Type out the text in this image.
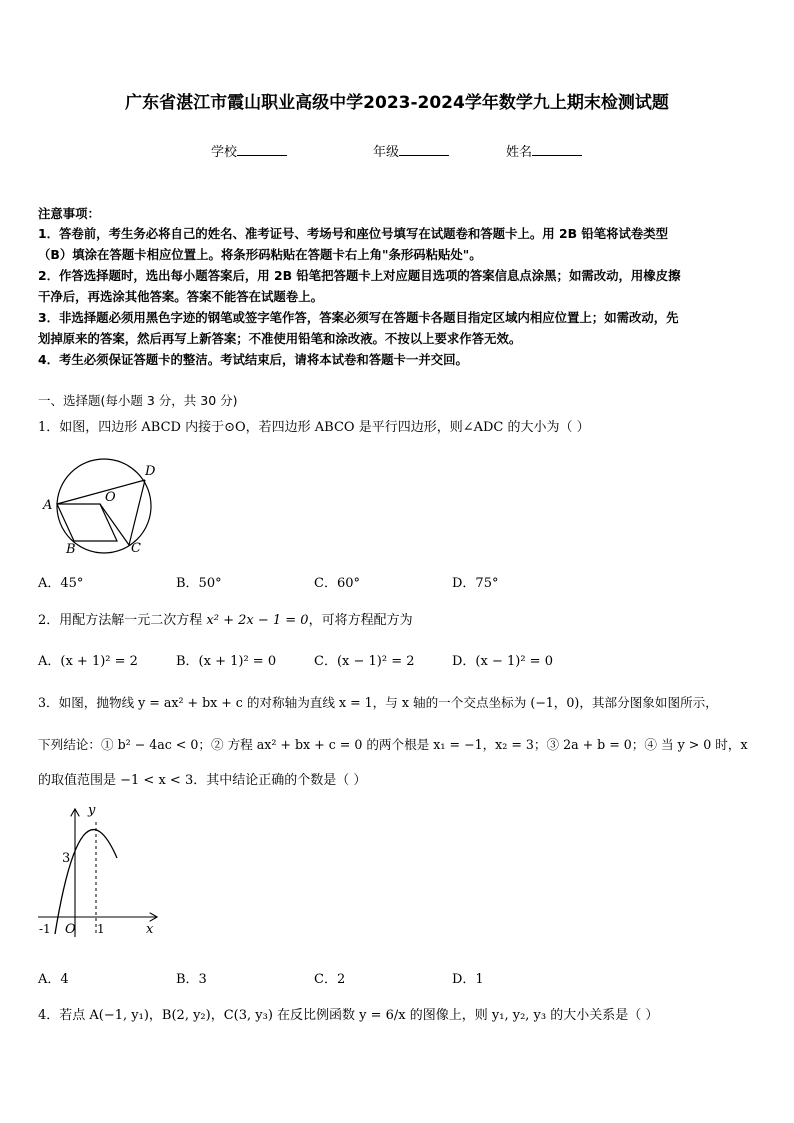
广东省湛江市霞山职业高级中学2023-2024学年数学九上期末检测试题
学校	年级	姓名
注意事项：
1．答卷前，考生务必将自己的姓名、准考证号、考场号和座位号填写在试题卷和答题卡上。用 2B 铅笔将试卷类型
（B）填涂在答题卡相应位置上。将条形码粘贴在答题卡右上角"条形码粘贴处"。
2．作答选择题时，选出每小题答案后，用 2B 铅笔把答题卡上对应题目选项的答案信息点涂黑；如需改动，用橡皮擦
干净后，再选涂其他答案。答案不能答在试题卷上。
3．非选择题必须用黑色字迹的钢笔或签字笔作答，答案必须写在答题卡各题目指定区域内相应位置上；如需改动，先
划掉原来的答案，然后再写上新答案；不准使用铅笔和涂改液。不按以上要求作答无效。
4．考生必须保证答题卡的整洁。考试结束后，请将本试卷和答题卡一并交回。
一、选择题(每小题 3 分，共 30 分)
1．如图，四边形 ABCD 内接于⊙O，若四边形 ABCO 是平行四边形，则∠ADC 的大小为（ ）
A
B	C
D
O
A．45°	B．50°	C．60°	D．75°
2．用配方法解一元二次方程 x² + 2x − 1 = 0，可将方程配方为
A．(x + 1)² = 2	B．(x + 1)² = 0	C．(x − 1)² = 2	D．(x − 1)² = 0
3．如图，抛物线 y = ax² + bx + c 的对称轴为直线 x = 1，与 x 轴的一个交点坐标为 (−1，0)，其部分图象如图所示，
下列结论：① b² − 4ac < 0；② 方程 ax² + bx + c = 0 的两个根是 x₁ = −1，x₂ = 3；③ 2a + b = 0；④ 当 y > 0 时，x
的取值范围是 −1 < x < 3．其中结论正确的个数是（ ）
y
x
3
-1 O 1
A．4	B．3	C．2	D．1
4．若点 A(−1, y₁)，B(2, y₂)，C(3, y₃) 在反比例函数 y = 6/x 的图像上，则 y₁, y₂, y₃ 的大小关系是（ ）
